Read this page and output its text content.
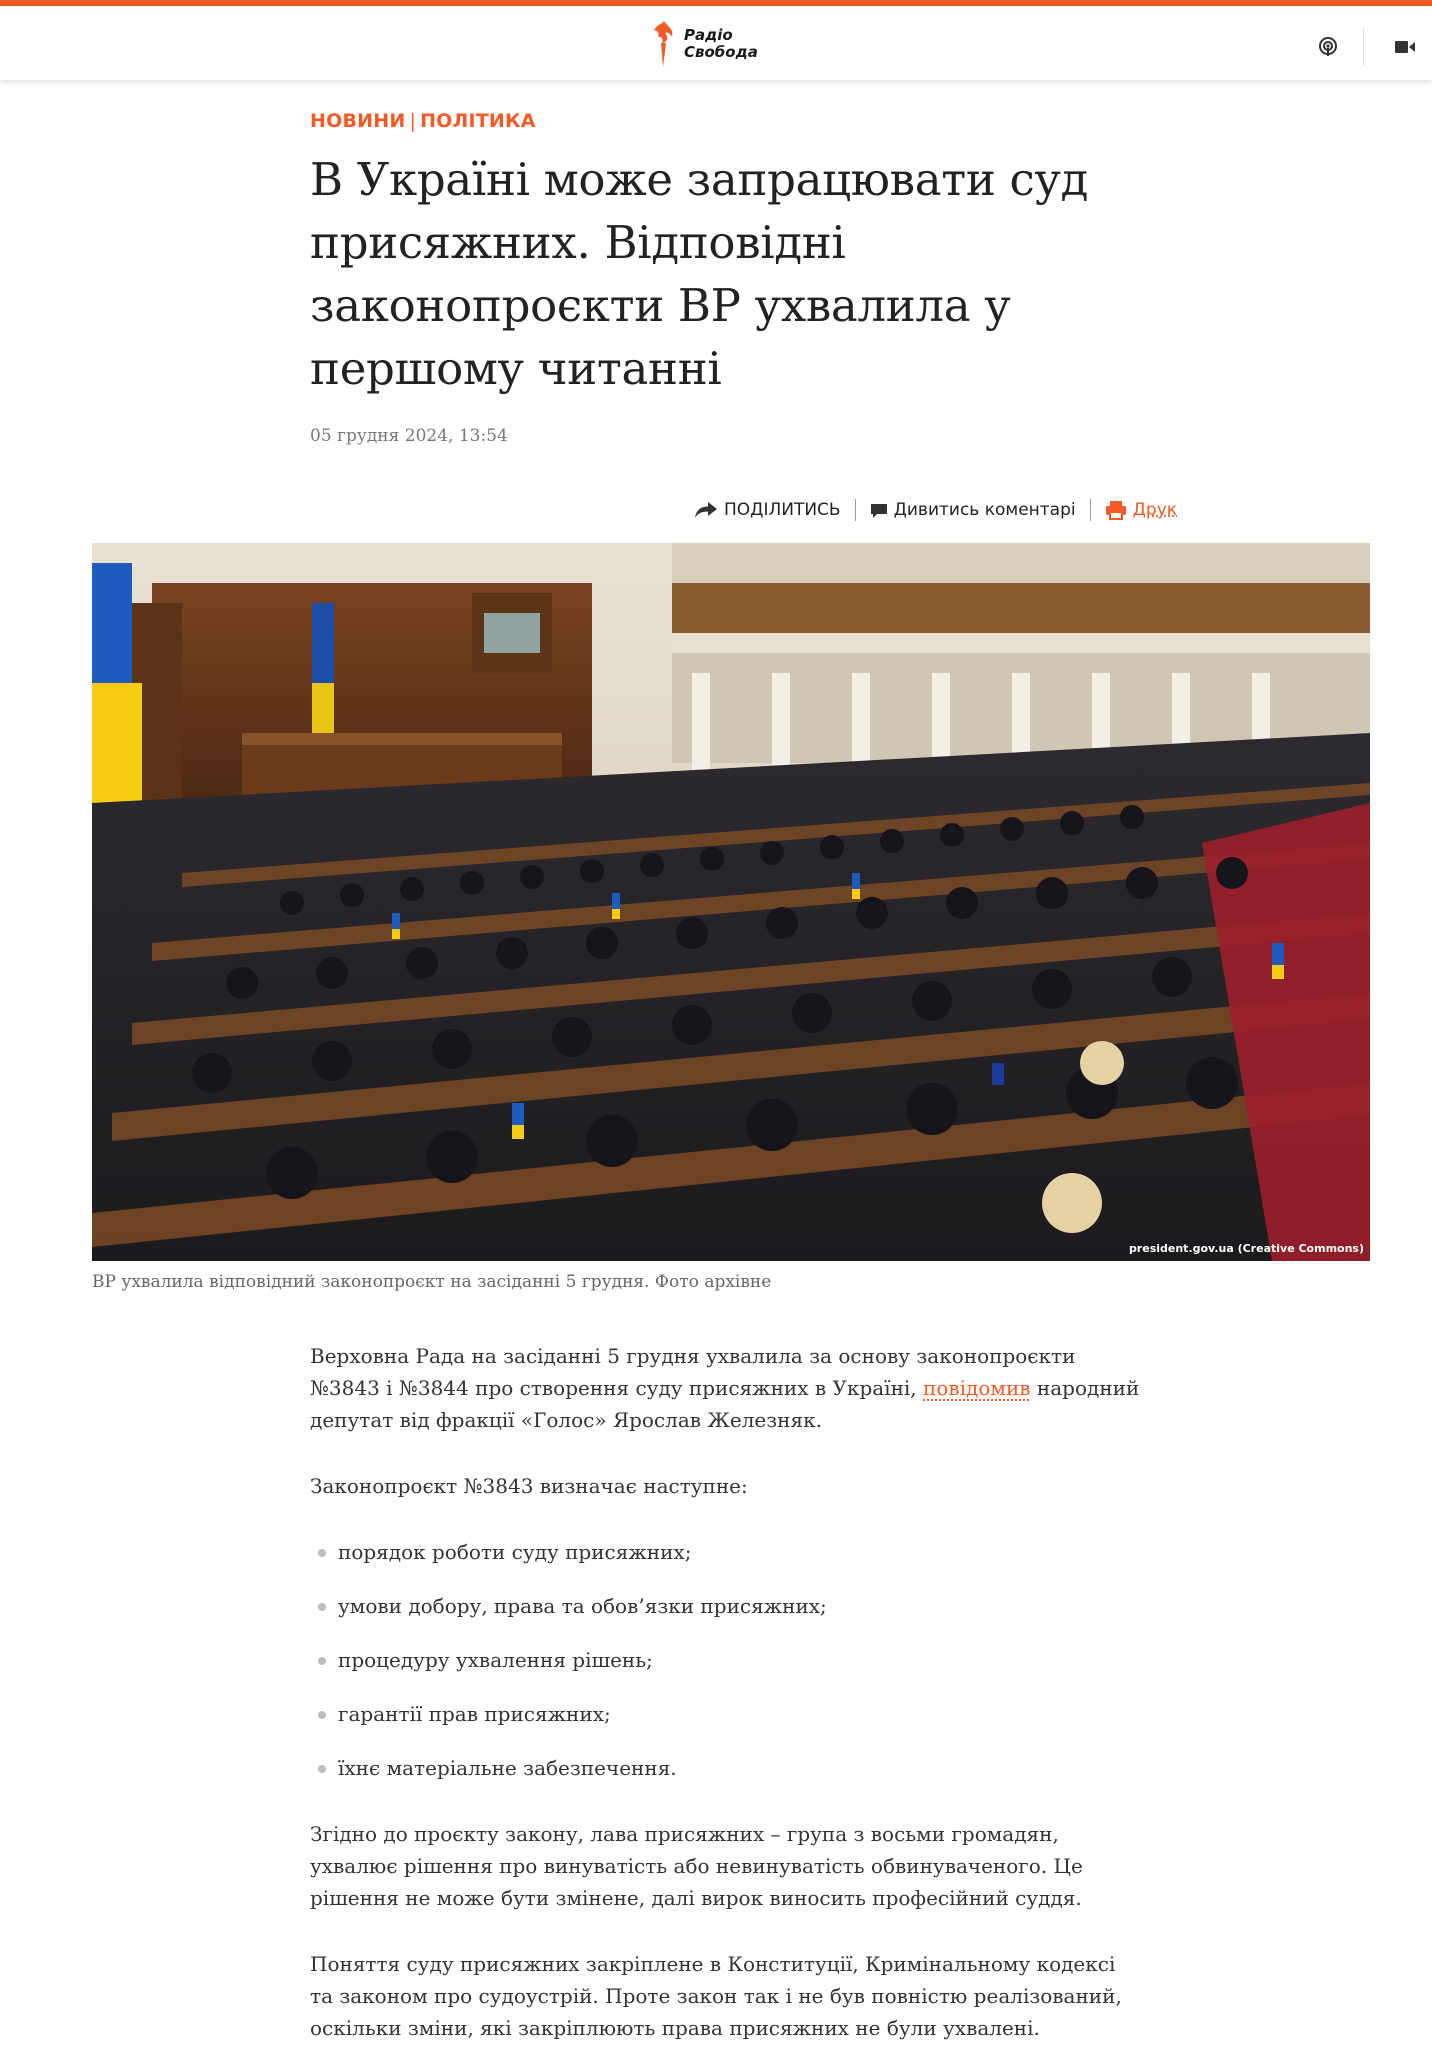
Радіо
Свобода
НОВИНИ | ПОЛІТИКА
В Україні може запрацювати суд присяжних. Відповідні законопроєкти ВР ухвалила у першому читанні
05 грудня 2024, 13:54
ПОДІЛИТИСЬ	Дивитись коментарі	Друк
president.gov.ua (Creative Commons)
ВР ухвалила відповідний законопроєкт на засіданні 5 грудня. Фото архівне

Верховна Рада на засіданні 5 грудня ухвалила за основу законопроєкти №3843 і №3844 про створення суду присяжних в Україні, повідомив народний депутат від фракції «Голос» Ярослав Железняк.

Законопроєкт №3843 визначає наступне:

порядок роботи суду присяжних;
умови добору, права та обов’язки присяжних;
процедуру ухвалення рішень;
гарантії прав присяжних;
їхнє матеріальне забезпечення.

Згідно до проєкту закону, лава присяжних – група з восьми громадян, ухвалює рішення про винуватість або невинуватість обвинуваченого. Це рішення не може бути змінене, далі вирок виносить професійний суддя.

Поняття суду присяжних закріплене в Конституції, Кримінальному кодексі та законом про судоустрій. Проте закон так і не був повністю реалізований, оскільки зміни, які закріплюють права присяжних не були ухвалені.
